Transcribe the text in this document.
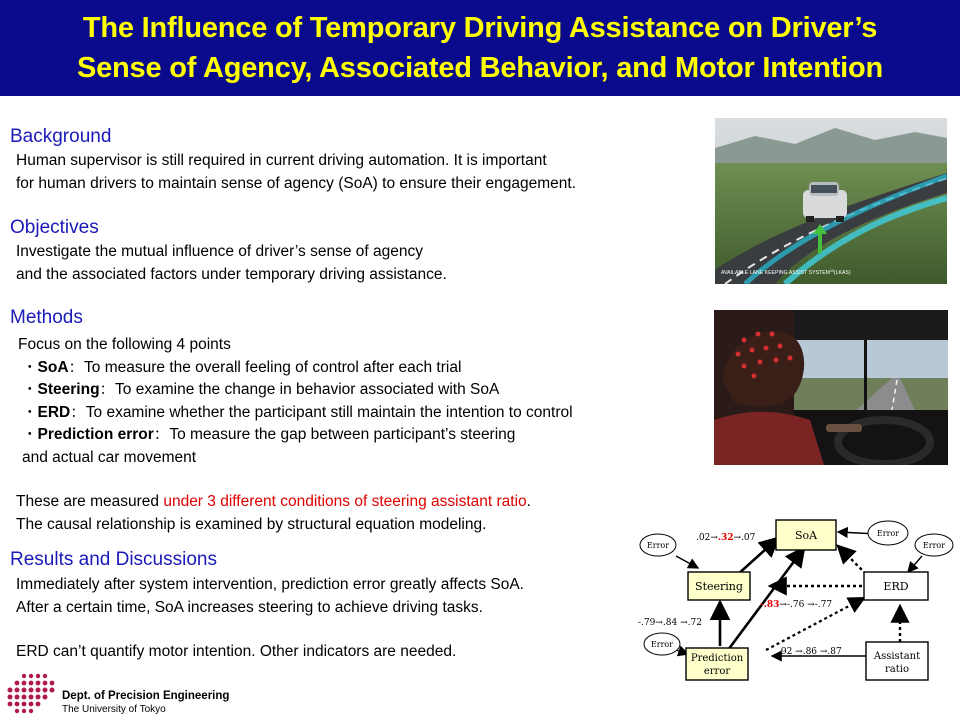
The Influence of Temporary Driving Assistance on Driver’s
Sense of Agency, Associated Behavior, and Motor Intention
Background
Human supervisor is still required in current driving automation. It is important
for human drivers to maintain sense of agency (SoA) to ensure their engagement.
Objectives
Investigate the mutual influence of driver’s sense of agency
and the associated factors under temporary driving assistance.
Methods
Focus on the following 4 points
・SoA：To measure the overall feeling of control after each trial
・Steering：To examine the change in behavior associated with SoA
・ERD：To examine whether the participant still maintain the intention to control
・Prediction error：To measure the gap between participant’s steering
and actual car movement
These are measured under 3 different conditions of steering assistant ratio.
The causal relationship is examined by structural equation modeling.
Results and Discussions
Immediately after system intervention, prediction error greatly affects SoA.
After a certain time, SoA increases steering to achieve driving tasks.
ERD can’t quantify motor intention. Other indicators are needed.
AVAILABLE LANE KEEPING ASSIST SYSTEM$^{10}$(LKAS)
Error
Error
Error
Error
SoA
Steering	ERD
Prediction
error
Assistant
ratio
.02→.32→.07
-.83→-.76 →-.77
-.79→.84 →.72
.92 →.86 →.87
Dept. of Precision Engineering
The University of Tokyo
